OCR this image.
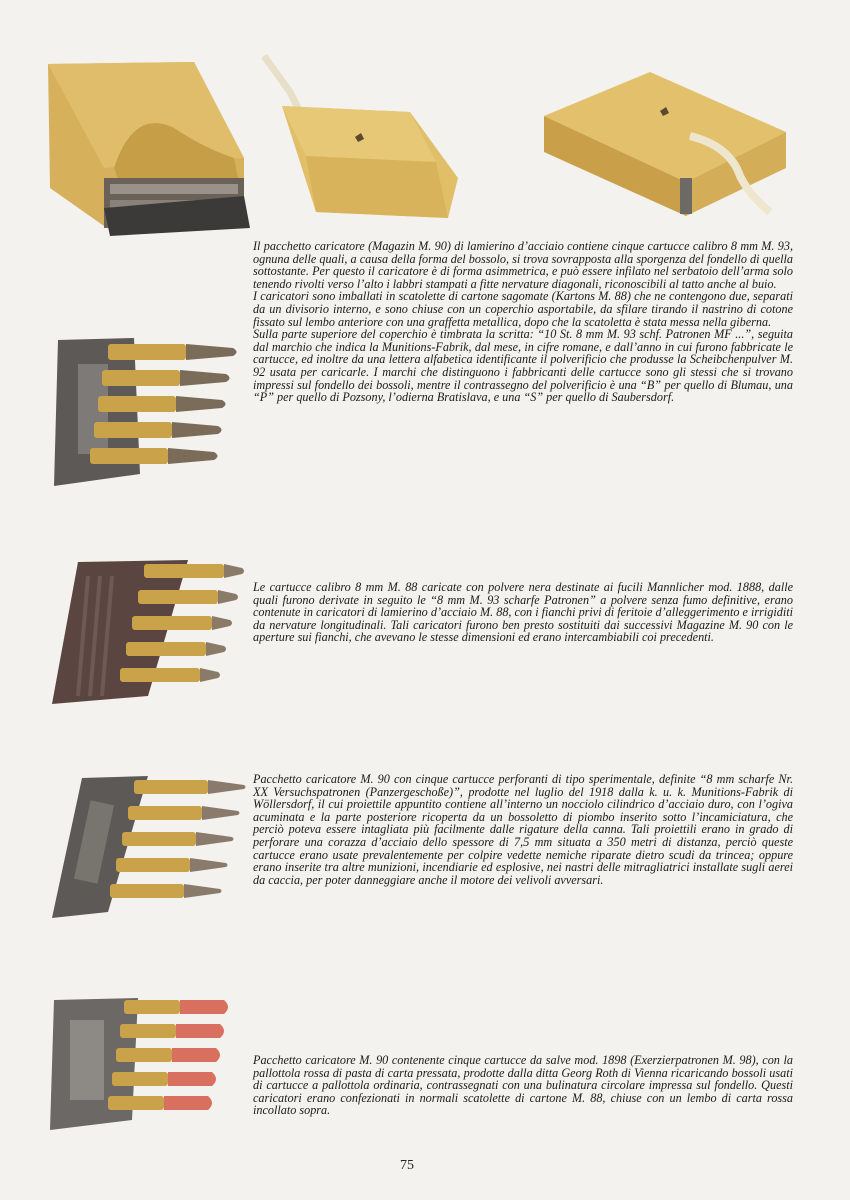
Il pacchetto caricatore (Magazin M. 90) di lamierino d’acciaio contiene cinque cartucce calibro 8 mm M. 93, ognuna delle quali, a causa della forma del bossolo, si trova sovrapposta alla sporgenza del fondello di quella sottostante. Per questo il caricatore è di forma asimmetrica, e può essere infilato nel serbatoio dell’arma solo tenendo rivolti verso l’alto i labbri stampati a fitte nervature diagonali, riconoscibili al tatto anche al buio.

I caricatori sono imballati in scatolette di cartone sagomate (Kartons M. 88) che ne contengono due, separati da un divisorio interno, e sono chiuse con un coperchio asportabile, da sfilare tirando il nastrino di cotone fissato sul lembo anteriore con una graffetta metallica, dopo che la scatoletta è stata messa nella giberna.

Sulla parte superiore del coperchio è timbrata la scritta: “10 St. 8 mm M. 93 schf. Patronen MF ...”, seguita dal marchio che indica la Munitions-Fabrik, dal mese, in cifre romane, e dall’anno in cui furono fabbricate le cartucce, ed inoltre da una lettera alfabetica identificante il polverificio che produsse la Scheibchenpulver M. 92 usata per caricarle. I marchi che distinguono i fabbricanti delle cartucce sono gli stessi che si trovano impressi sul fondello dei bossoli, mentre il contrassegno del polverificio è una “B” per quello di Blumau, una “P” per quello di Pozsony, l’odierna Bratislava, e una “S” per quello di Saubersdorf.

Le cartucce calibro 8 mm M. 88 caricate con polvere nera destinate ai fucili Mannlicher mod. 1888, dalle quali furono derivate in seguito le “8 mm M. 93 scharfe Patronen” a polvere senza fumo definitive, erano contenute in caricatori di lamierino d’acciaio M. 88, con i fianchi privi di feritoie d’alleggerimento e irrigiditi da nervature longitudinali. Tali caricatori furono ben presto sostituiti dai successivi Magazine M. 90 con le aperture sui fianchi, che avevano le stesse dimensioni ed erano intercambiabili coi precedenti.

Pacchetto caricatore M. 90 con cinque cartucce perforanti di tipo sperimentale, definite “8 mm scharfe Nr. XX Versuchspatronen (Panzergeschoße)”, prodotte nel luglio del 1918 dalla k. u. k. Munitions-Fabrik di Wöllersdorf, il cui proiettile appuntito contiene all’interno un nocciolo cilindrico d’acciaio duro, con l’ogiva acuminata e la parte posteriore ricoperta da un bossoletto di piombo inserito sotto l’incamiciatura, che perciò poteva essere intagliata più facilmente dalle rigature della canna. Tali proiettili erano in grado di perforare una corazza d’acciaio dello spessore di 7,5 mm situata a 350 metri di distanza, perciò queste cartucce erano usate prevalentemente per colpire vedette nemiche riparate dietro scudi da trincea; oppure erano inserite tra altre munizioni, incendiarie ed esplosive, nei nastri delle mitragliatrici installate sugli aerei da caccia, per poter danneggiare anche il motore dei velivoli avversari.

Pacchetto caricatore M. 90 contenente cinque cartucce da salve mod. 1898 (Exerzierpatronen M. 98), con la pallottola rossa di pasta di carta pressata, prodotte dalla ditta Georg Roth di Vienna ricaricando bossoli usati di cartucce a pallottola ordinaria, contrassegnati con una bulinatura circolare impressa sul fondello. Questi caricatori erano confezionati in normali scatolette di cartone M. 88, chiuse con un lembo di carta rossa incollato sopra.

75
